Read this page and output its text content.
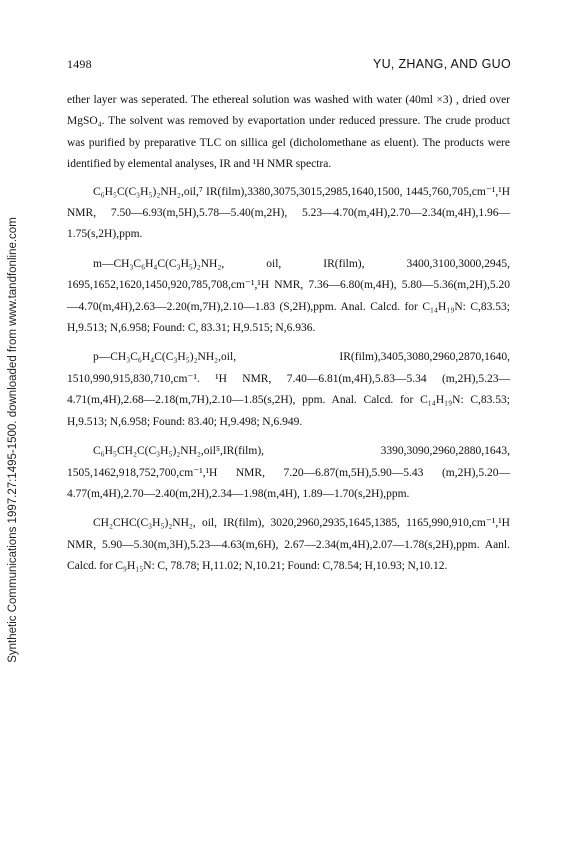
Synthetic Communications 1997.27:1495-1500. downloaded from www.tandfonline.com
1498	YU, ZHANG, AND GUO

ether layer was seperated. The ethereal solution was washed with water (40ml ×3) , dried over MgSO₄. The solvent was removed by evaportation under reduced pressure. The crude product was purified by preparative TLC on sillica gel (dicholomethane as eluent). The products were identified by elemental analyses, IR and ¹H NMR spectra.

C₆H₅C(C₃H₅)₂NH₂,oil,⁷ IR(film),3380,3075,3015,2985,1640,1500, 1445,760,705,cm⁻¹,¹H NMR, 7.50—6.93(m,5H),5.78—5.40(m,2H), 5.23—4.70(m,4H),2.70—2.34(m,4H),1.96—1.75(s,2H),ppm.

m—CH₃C₆H₄C(C₃H₅)₂NH₂, oil, IR(film), 3400,3100,3000,2945, 1695,1652,1620,1450,920,785,708,cm⁻¹,¹H NMR, 7.36—6.80(m,4H), 5.80—5.36(m,2H),5.20—4.70(m,4H),2.63—2.20(m,7H),2.10—1.83 (S,2H),ppm. Anal. Calcd. for C₁₄H₁₉N: C,83.53; H,9.513; N,6.958; Found: C, 83.31; H,9.515; N,6.936.

p—CH₃C₆H₄C(C₃H₅)₂NH₂,oil, IR(film),3405,3080,2960,2870,1640, 1510,990,915,830,710,cm⁻¹. ¹H NMR, 7.40—6.81(m,4H),5.83—5.34 (m,2H),5.23—4.71(m,4H),2.68—2.18(m,7H),2.10—1.85(s,2H), ppm. Anal. Calcd. for C₁₄H₁₉N: C,83.53; H,9.513; N,6.958; Found: 83.40; H,9.498; N,6.949.

C₆H₅CH₂C(C₃H₅)₂NH₂,oil⁵,IR(film), 3390,3090,2960,2880,1643, 1505,1462,918,752,700,cm⁻¹,¹H NMR, 7.20—6.87(m,5H),5.90—5.43 (m,2H),5.20—4.77(m,4H),2.70—2.40(m,2H),2.34—1.98(m,4H), 1.89—1.70(s,2H),ppm.

CH₂CHC(C₃H₅)₂NH₂, oil, IR(film), 3020,2960,2935,1645,1385, 1165,990,910,cm⁻¹,¹H NMR, 5.90—5.30(m,3H),5.23—4.63(m,6H), 2.67—2.34(m,4H),2.07—1.78(s,2H),ppm. Aanl. Calcd. for C₉H₁₅N: C, 78.78; H,11.02; N,10.21; Found: C,78.54; H,10.93; N,10.12.
